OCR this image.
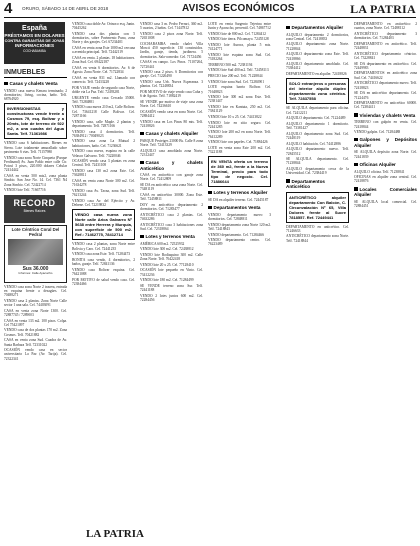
4 ORURO, SÁBADO 14 DE ABRIL DE 2018	AVISOS ECONÓMICOS	LA PATRIA
España
PRÉSTAMOS EN DOLARES
CONTRA GARANTÍAS DE JOYAS
INFORMACIONES
COCHABAMBA
INMUEBLES
Casas y chalets Venta

VENDO casa nueva Kenara terminada; 2 dormitorios; living, cocina, baño. Telf. 68764920

INVERSIONISTAS y constructoras vende frente a Cosmos 79, esq. Bolivar y a 20mts, lote de terreno de 922 m2, a una cuadra del Agua Santa. Telf. 71361986

VENDO casa 6 habitaciones. Bienes en Sierra. Lote totalmente amurallado sobre pavimento 6 vias. Telf. 71157980

VENDO casa zona Norte Cinqueta (Parque Ferdinand) Av. Juan Pablo entre calle Ctr. Potosí 3 pisos, 220.000 dolares Celular 72414442

CASA en venta 500 mts2, zona planta Simbio. San Jose No. 14. Cel. 7361 N4 Zona Simbio. Cel. 72422714

VENDO lote Telf. 71667716

RECORD
Bienes Raíces
Lote Céntrico Coral Del Pedral
Sus 36.000
Informes: Calle Ayacucho

VENDO casa zona Norte 2 trasera, entrada en esquina frente a desagües. Cel. 70488271

VENDO casa 2 plantas. Zona Norte Calle sector 1 una sala. Cel. 74403091

CASA en venta zona Norte 1300. Cel. 72887745 / 7289003

CASA en venta 133 m2. 100 pisos. Colpa. Cel 75421097

VENDO casa de dos plantas 170 m2. Zona Cosmos. Telf. 70421882

CASA en venta zona Sud. Cuadra de Av. Santa Barbara Telf. 72331022

OCASIÓN vendo casa en sector universitario La Paz (Av. Tarija). Cel. 72322341

VENDO casa doble Av. Orinoco esq. Junin. 70445262

VENDO casa dos plantas con 5 dormitorios, sobre Pavimento Puno, zona Norte y dos garajes. Cel. 67234401

CASA en venta zona Este 1000 m2 cercana a avenida principal. Telf. 72442119

CASA en venta. 2 plantas. 18 habitaciones. Zona Sud. Cel. 69422187

CASA en venta 6 dormitorios. Av. 6 de Agosto. Zona Norte. Cel. 71722834

CASA en venta 831 m2. Llamado con comercio. Telf. 72433228

POR VIAJE vendo de segundo casa Norte, doble via La Paz. Telf. 72493281

URGENTE vendo casa Cercado 35000. Telf. 75284881

VENDO casa nueva 210 m2, Calle Bolivar. Cel. 73641218 Calle Bolivar. Cel. 72871166

VENDO casa, calle Maple. 2 plantas y departamento. Telf. 72871166

VENDO casa 4 dormitorios. Telf. 76384912 / 70049023

VENDO casa zona La Mutual 2 habitaciones, baño. Cel. 71236621

VENDO casa nueva, esquina en la calle Velasco Galvarro. Telf. 73220046

OCASIÓN vendo casa 3 plantas en zona Central. Telf. 72431108

VENDO casa 130 m2 zona Este. Cel. 73628811

CASA en venta zona Norte 300 m2. Cel. 71634278

VENDO casa Av. Tacna, zona Sud. Telf. 76213244

VENDO casa Av. del Ejército y Av. Dehene. Cel. 72219832

VENDO casa nueva zona Norte calle Arica Galvarro Nº 5638 entre Herrera y Murquía, con superficie de 500 m2. Ref.: 71462775, 78412714

VENDO casa 2 plantas, zona Norte entre Bolivia y Caro. Cel. 72441235

VENDO casa zona Este. Telf. 71284473

BONITA casa vendo, 4 dormitorios, 2 baños, garaje. Telf. 72841136

VENDO casa Bolivar esquina. Cel. 76421088

POR MOTIVO de salud vendo casa. Cel. 72384466

VENDO casa 3 m. Pedro Ferrari, 360 m2. 5 cuartos, 2 baños. Cel. 71447812

VENDO casa 2 pisos zona Norte. Telf. 72651008

COCHABAMBA vendo chalet Villa Moscú 450 superficie. 130 construidos. Jardín, garaje, tienda, jardinera. 5 dormitorios. Sala-comedor. Cel. 71724456

CASAS en campo. Los Pinos. 71107264, 72720441

VENDO casa 2 pisos. 6 Dormitorios con garaje. Cel. 71226490

VENDO casa Urb. Nueva Esperanza. 3 plantas. Cel. 72248834

POR MOTIVO de viaje vendo casa Cuba y 6 de Agosto. Telf. 71882419

SE VENDE por motivo de viaje casa zona Norte. Cel. 74236610

OCASIÓN vendo casa en zona Norte. Cel. 72884412

VENDO casa en Los Pinos 80 mts. Telf. 72418826

Casas y chalets Alquiler

PARQUE Pesteiges 23000 Bs. Calle 8 zona Norte. Telf. 72413329

ALQUILO casa amoblada zona Norte. 72312447

Casas y chalets Anticrético

CASA en anticrético con garaje zona Norte. Cel. 72412809

SE DA en anticrético casa zona Norte. Cel. 73481119

CASA en anticrético 30000. Zona Este. Telf. 72458811

DOY en anticrético departamento 2 dormitorios. Cel. 71283477

ANTICRÉTICO casa 2 plantas. Cel. 74632286

ANTICRÉTICO casa 3 habitaciones zona Sud. Cel. 72318864

Lotes y terrenos Venta

AMÉRICA 600 m2. 72525932

VENDO lote 300 m2. Cel. 72438812

VENDO lote Rodiaquino 300 m2. Calle Zona Norte. Telf. 76422418

VENDO lote 20 x 25. Cel. 77128410

OCASIÓN lote pequeño en Vinto. Cel. 73412236

VENDO lote 180 m2. Cel. 71284499

SE VENDE terreno zona Sur. Telf. 72441188

VENDO 2 lotes juntos 600 m2. Cel. 72284456

LOTE en venta Sargento Tejerina entre Junin y Ayacucho, percentil. Cel. 74867712

VENDO lote de 800 m2. Cel. 71284412

VENDO lote tierra. Pilcomayo. 72455128

VENDO lote Aurora, planta 5 mts. 74124771

VENDO lote esquina zona Sud. Cel. 73182264

TERRENO 500 m2. 72381194

VENDO lote Sud 400 m2. Telf. 72458113

PRECIO lote 200 m2. Telf. 71228844

VENDO lote zona Sud. Cel. 72284901

LOTE esquina barrio Bolívar. Cel. 71648823

VENDO lote 300 m2 zona Este. Telf. 72381447

VENDO lote en Kantuta, 250 m2. Cel. 73841129

VENDO lote 10 x 25. Cel. 74413822

VENDO lote en sitio seguro. Cel. 72441285

VENDO lote 200 m2 en zona Norte. Telf. 76412289

VENDO lote con papeles. Cel. 71884426

LOTE en venta zona Este 200 m2. Cel. 73221188

EN VENTA oferta un terreno de 360 m2, frente a la Nueva Terminal, precio para todo tipo de negocio. Cel. 71886644
Lotes y terrenos Alquiler

SE DA en alquiler terreno. Cel. 72445187

Departamentos Venta

VENDO departamento nuevo 3 dormitorios. Cel. 72848811

VENDO departamento zona Norte 120 m2. Telf. 72418843

VENDO departamento. Cel. 71284466

VENDO departamento centro. Cel. 76223489

Departamentos Alquiler

ALQUILO departamento 2 dormitorios, zona Central. Cel. 72418833

ALQUILO departamento zona Norte. 71228844

ALQUILO departamento zona Este. Telf. 72418866

ALQUILO departamento amoblado. Cel. 73384412

DEPARTAMENTO en alquiler. 72418826

SOLO extranjeros o personas del interior alquilo dúplex departamento zona céntrica. Telf. 72837558

SE ALQUILA departamento para oficina. Cel. 72412211

ALQUILO departamento. Cel. 71224489

ALQUILO departamento 1 dormitorio. Telf. 73381427

ALQUILO departamento zona Sud. Cel. 72448119

ALQUILO habitación. Cel. 74412886

ALQUILO departamento nuevo. Telf. 72845512

SE ALQUILA departamento. Cel. 71238844

ALQUILO departamento cerca de la Universidad. Cel. 72384419

Departamentos Anticrético
ANTICRÉTICO alquiler departamento Con Balcón, C. Circunvalación Nº 65, Villa Dolores frente al Sucre 7818557. Ref. 72449441

DEPARTAMENTO en anticrético. Cel. 71246633

ANTICRÉTICO departamento zona Norte. Telf. 72418844

DEPARTAMENTO en anticrético 2 cuartos, zona Norte. Cel. 72488112

ANTICRÉTICO departamento 3 dormitorios. Cel. 71284403

DEPARTAMENTO en anticrético. Telf. 72448831

ANTICRÉTICO departamento céntrico. Cel. 73228841

SE DA departamento en anticrético. Cel. 72449983

DEPARTAMENTOS en anticrético zona Sud. Cel. 74416622

ANTICRÉTICO departamento nuevo. Telf. 72418823

SE DA en anticrético departamento. Cel. 71224476

DEPARTAMENTO en anticrético 60000. Cel. 72384411

Viviendas y chalets Venta

TERRENO con galpón en venta. Cel. 72418844

VENDO galpón. Cel. 71284488

Galpones y Depósitos Alquiler

SE ALQUILA depósito zona Norte. Cel. 72441839

Oficinas Alquiler

ALQUILO oficina. Telf. 71238841

OFICINAS en alquiler zona central. Cel. 72418876

Locales Comerciales Alquiler

SE ALQUILA local comercial. Cel. 72884451

LA PATRIA
